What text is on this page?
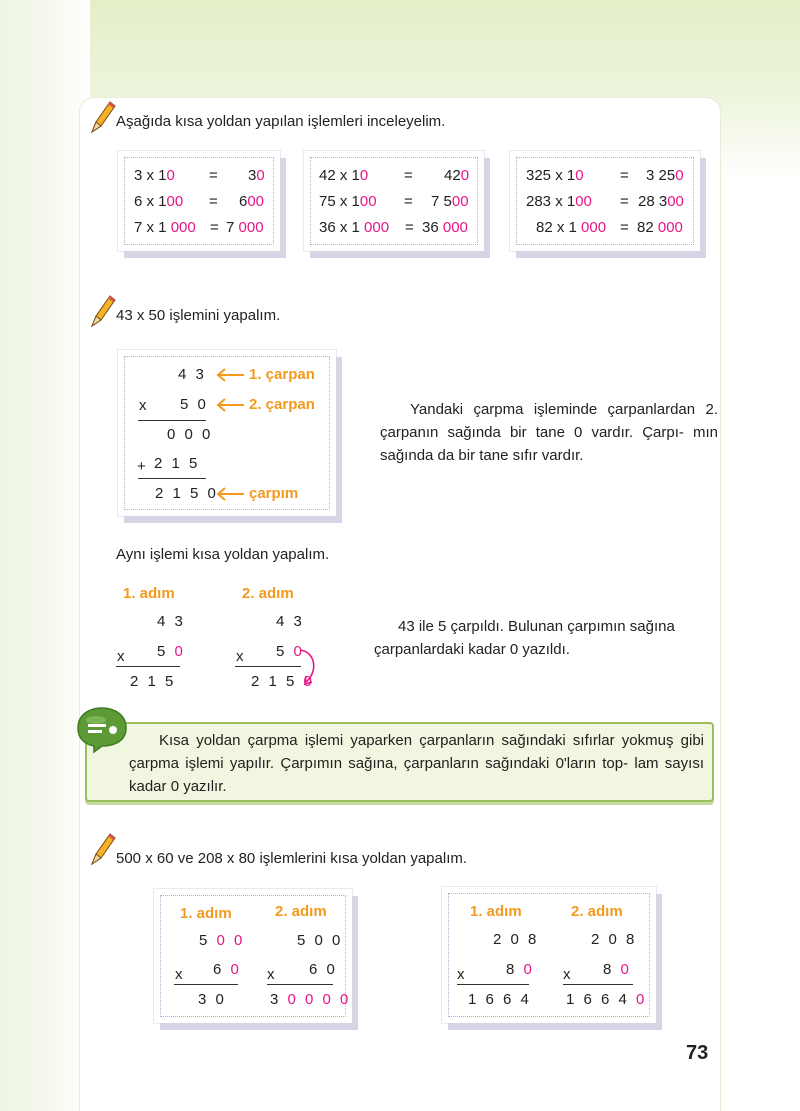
Aşağıda kısa yoldan yapılan işlemleri inceleyelim.
3 x 10 = 30
6 x 100 = 600
7 x 1 000 = 7 000
42 x 10 = 420
75 x 100 = 7 500
36 x 1 000 = 36 000
325 x 10 = 3 250
283 x 100 = 28 300
82 x 1 000 = 82 000
43 x 50 işlemini yapalım.
4 3	1. çarpan
x 5 0	2. çarpan
0 0 0
+ 2 1 5
2 1 5 0 çarpım
Yandaki çarpma işleminde çarpanlardan 2. çarpanın sağında bir tane 0 vardır. Çarpı- mın sağında da bir tane sıfır vardır.
Aynı işlemi kısa yoldan yapalım.
1. adım	2. adım
4 3
x 5 0
2 1 5
4 3
x 5 0
2 1 5 0
43 ile 5 çarpıldı. Bulunan çarpımın sağına çarpanlardaki kadar 0 yazıldı.
Kısa yoldan çarpma işlemi yaparken çarpanların sağındaki sıfırlar yokmuş gibi çarpma işlemi yapılır. Çarpımın sağına, çarpanların sağındaki 0'ların top- lam sayısı kadar 0 yazılır.
500 x 60 ve 208 x 80 işlemlerini kısa yoldan yapalım.
1. adım	2. adım
5 0 0
x 6 0
3 0
5 0 0
x 6 0
3 0 0 0 0
1. adım	2. adım
2 0 8
x	8 0
1 6 6 4
2 0 8
x 8 0
1 6 6 4 0
73
